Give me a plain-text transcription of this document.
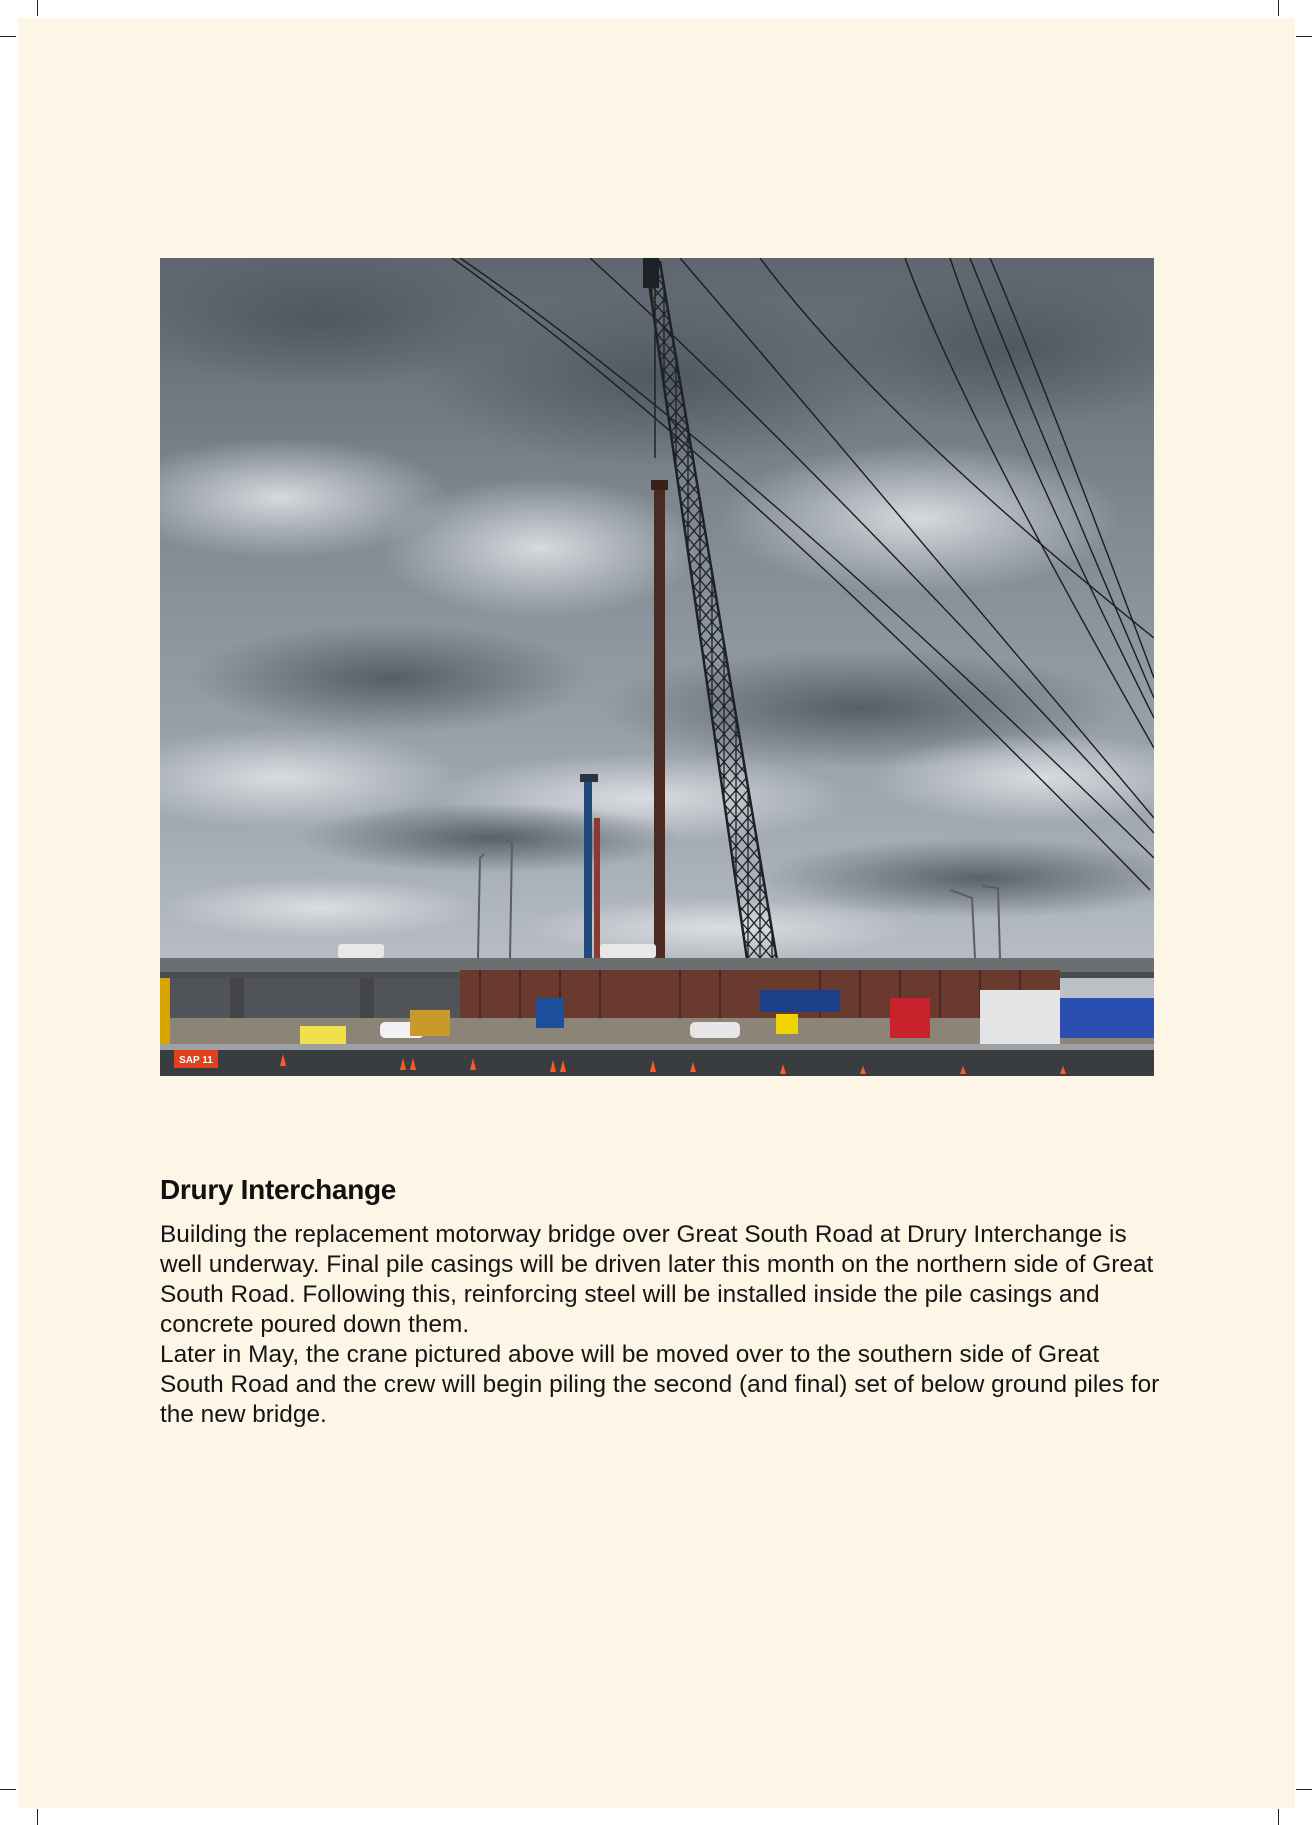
SAP 11
Drury Interchange

Building the replacement motorway bridge over Great South Road at Drury Interchange is well underway. Final pile casings will be driven later this month on the northern side of Great South Road. Following this, reinforcing steel will be installed inside the pile casings and concrete poured down them.

Later in May, the crane pictured above will be moved over to the southern side of Great South Road and the crew will begin piling the second (and final) set of below ground piles for the new bridge.
